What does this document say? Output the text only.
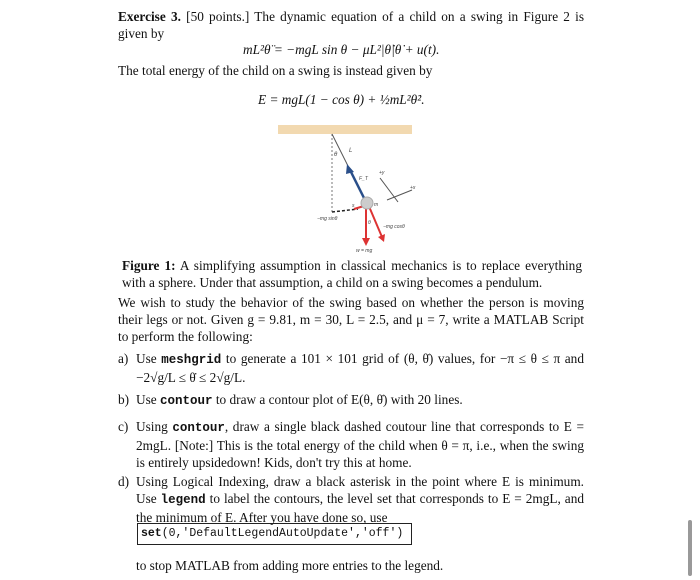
Exercise 3. [50 points.] The dynamic equation of a child on a swing in Figure 2 is given by
mL²θ̈ = −mgL sin θ − μL²|θ̇|θ̇ + u(t).
The total energy of the child on a swing is instead given by
E = mgL(1 − cos θ) + ½mL²θ̇².
θ
L
F_T
+y
+x
m
s
−mg sinθ
θ
−mg cosθ
w = mg
Figure 1: A simplifying assumption in classical mechanics is to replace everything with a sphere. Under that assumption, a child on a swing becomes a pendulum.
We wish to study the behavior of the swing based on whether the person is moving their legs or not. Given g = 9.81, m = 30, L = 2.5, and μ = 7, write a MATLAB Script to perform the following:
a) Use meshgrid to generate a 101 × 101 grid of (θ, θ̇) values, for −π ≤ θ ≤ π and −2√g/L ≤ θ̇ ≤ 2√g/L.
b) Use contour to draw a contour plot of E(θ, θ̇) with 20 lines.
c) Using contour, draw a single black dashed coutour line that corresponds to E = 2mgL. [Note:] This is the total energy of the child when θ = π, i.e., when the swing is entirely upsidedown! Kids, don't try this at home.
d) Using Logical Indexing, draw a black asterisk in the point where E is minimum. Use legend to label the contours, the level set that corresponds to E = 2mgL, and the minimum of E. After you have done so, use
set(0,'DefaultLegendAutoUpdate','off')
to stop MATLAB from adding more entries to the legend.
